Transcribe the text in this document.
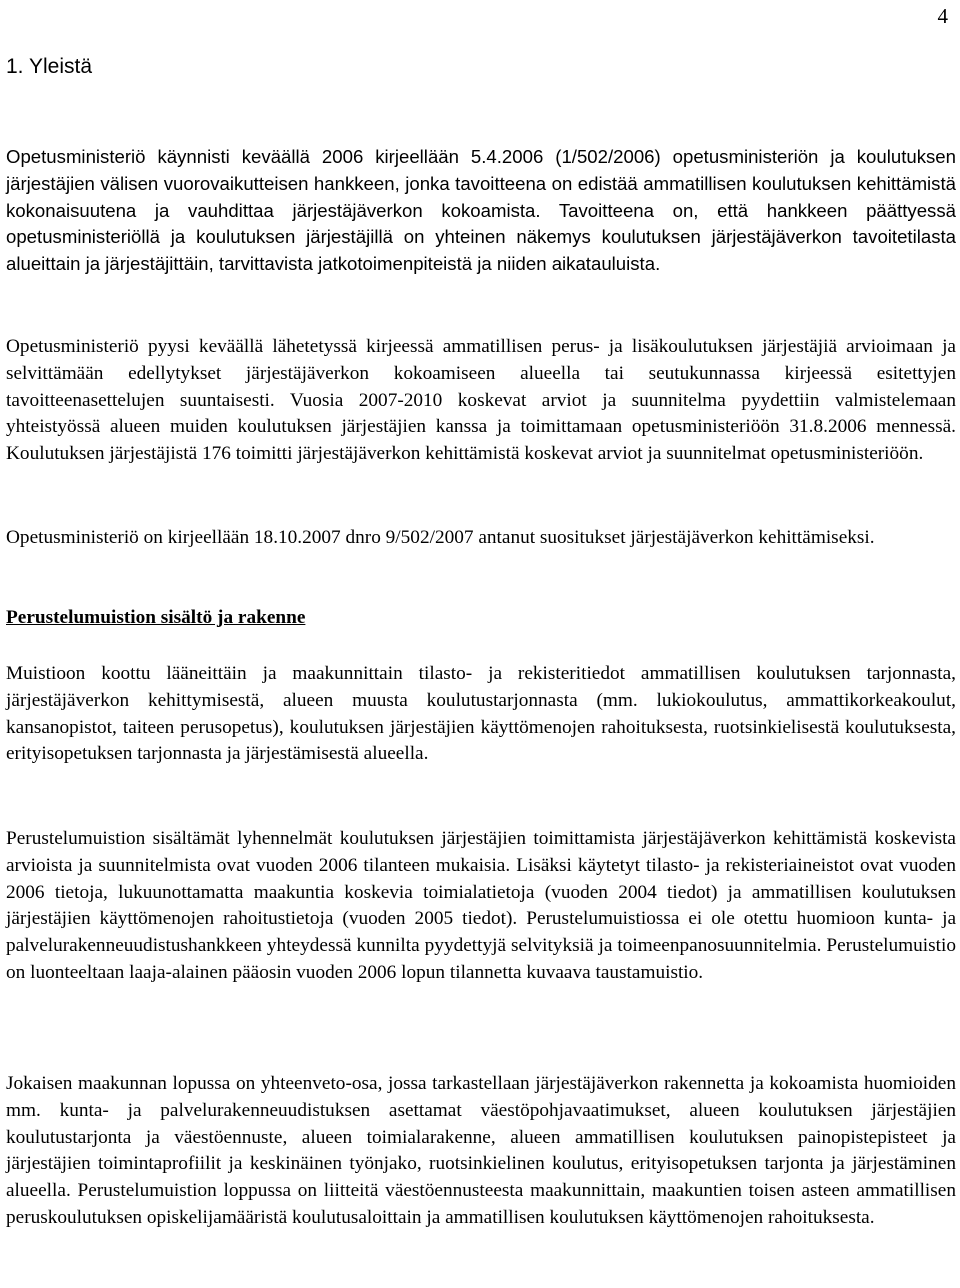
4
1. Yleistä

Opetusministeriö käynnisti keväällä 2006 kirjeellään 5.4.2006 (1/502/2006) opetusministeriön ja koulutuksen järjestäjien välisen vuorovaikutteisen hankkeen, jonka tavoitteena on edistää ammatillisen koulutuksen kehittämistä kokonaisuutena ja vauhdittaa järjestäjäverkon kokoamista. Tavoitteena on, että hankkeen päättyessä opetusministeriöllä ja koulutuksen järjestäjillä on yhteinen näkemys koulutuksen järjestäjäverkon tavoitetilasta alueittain ja järjestäjittäin, tarvittavista jatkotoimenpiteistä ja niiden aikatauluista.

Opetusministeriö pyysi keväällä lähetetyssä kirjeessä ammatillisen perus- ja lisäkoulutuksen järjestäjiä arvioimaan ja selvittämään edellytykset järjestäjäverkon kokoamiseen alueella tai seutukunnassa kirjeessä esitettyjen tavoitteenasettelujen suuntaisesti. Vuosia 2007-2010 koskevat arviot ja suunnitelma pyydettiin valmistelemaan yhteistyössä alueen muiden koulutuksen järjestäjien kanssa ja toimittamaan opetusministeriöön 31.8.2006 mennessä. Koulutuksen järjestäjistä 176 toimitti järjestäjäverkon kehittämistä koskevat arviot ja suunnitelmat opetusministeriöön.

Opetusministeriö on kirjeellään 18.10.2007 dnro 9/502/2007 antanut suositukset järjestäjäverkon kehittämiseksi.

Perustelumuistion sisältö ja rakenne

Muistioon koottu lääneittäin ja maakunnittain tilasto- ja rekisteritiedot ammatillisen koulutuksen tarjonnasta, järjestäjäverkon kehittymisestä, alueen muusta koulutustarjonnasta (mm. lukiokoulutus, ammattikorkeakoulut, kansanopistot, taiteen perusopetus), koulutuksen järjestäjien käyttömenojen rahoituksesta, ruotsinkielisestä koulutuksesta, erityisopetuksen tarjonnasta ja järjestämisestä alueella.

Perustelumuistion sisältämät lyhennelmät koulutuksen järjestäjien toimittamista järjestäjäverkon kehittämistä koskevista arvioista ja suunnitelmista ovat vuoden 2006 tilanteen mukaisia. Lisäksi käytetyt tilasto- ja rekisteriaineistot ovat vuoden 2006 tietoja, lukuunottamatta maakuntia koskevia toimialatietoja (vuoden 2004 tiedot) ja ammatillisen koulutuksen järjestäjien käyttömenojen rahoitustietoja (vuoden 2005 tiedot). Perustelumuistiossa ei ole otettu huomioon kunta- ja palvelurakenneuudistushankkeen yhteydessä kunnilta pyydettyjä selvityksiä ja toimeenpanosuunnitelmia. Perustelumuistio on luonteeltaan laaja-alainen pääosin vuoden 2006 lopun tilannetta kuvaava taustamuistio.

Jokaisen maakunnan lopussa on yhteenveto-osa, jossa tarkastellaan järjestäjäverkon rakennetta ja kokoamista huomioiden mm. kunta- ja palvelurakenneuudistuksen asettamat väestöpohjavaatimukset, alueen koulutuksen järjestäjien koulutustarjonta ja väestöennuste, alueen toimialarakenne, alueen ammatillisen koulutuksen painopistepisteet ja järjestäjien toimintaprofiilit ja keskinäinen työnjako, ruotsinkielinen koulutus, erityisopetuksen tarjonta ja järjestäminen alueella. Perustelumuistion loppussa on liitteitä väestöennusteesta maakunnittain, maakuntien toisen asteen ammatillisen peruskoulutuksen opiskelijamääristä koulutusaloittain ja ammatillisen koulutuksen käyttömenojen rahoituksesta.
